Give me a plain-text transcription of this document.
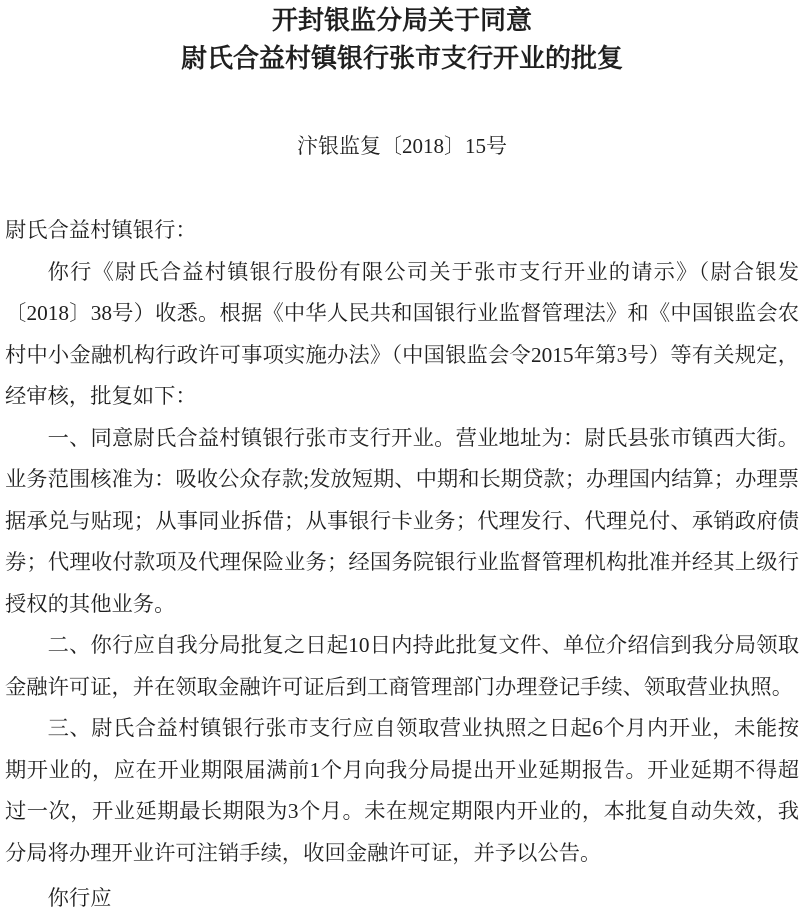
开封银监分局关于同意

尉氏合益村镇银行张市支行开业的批复

汴银监复〔2018〕15号

尉氏合益村镇银行：

你行《尉氏合益村镇银行股份有限公司关于张市支行开业的请示》（尉合银发〔2018〕38号）收悉。根据《中华人民共和国银行业监督管理法》和《中国银监会农村中小金融机构行政许可事项实施办法》（中国银监会令2015年第3号）等有关规定，经审核，批复如下：

一、同意尉氏合益村镇银行张市支行开业。营业地址为：尉氏县张市镇西大街。业务范围核准为：吸收公众存款;发放短期、中期和长期贷款；办理国内结算；办理票据承兑与贴现；从事同业拆借；从事银行卡业务；代理发行、代理兑付、承销政府债券；代理收付款项及代理保险业务；经国务院银行业监督管理机构批准并经其上级行授权的其他业务。

二、你行应自我分局批复之日起10日内持此批复文件、单位介绍信到我分局领取金融许可证，并在领取金融许可证后到工商管理部门办理登记手续、领取营业执照。

三、尉氏合益村镇银行张市支行应自领取营业执照之日起6个月内开业，未能按期开业的，应在开业期限届满前1个月向我分局提出开业延期报告。开业延期不得超过一次，开业延期最长期限为3个月。未在规定期限内开业的，本批复自动失效，我分局将办理开业许可注销手续，收回金融许可证，并予以公告。

你行应
